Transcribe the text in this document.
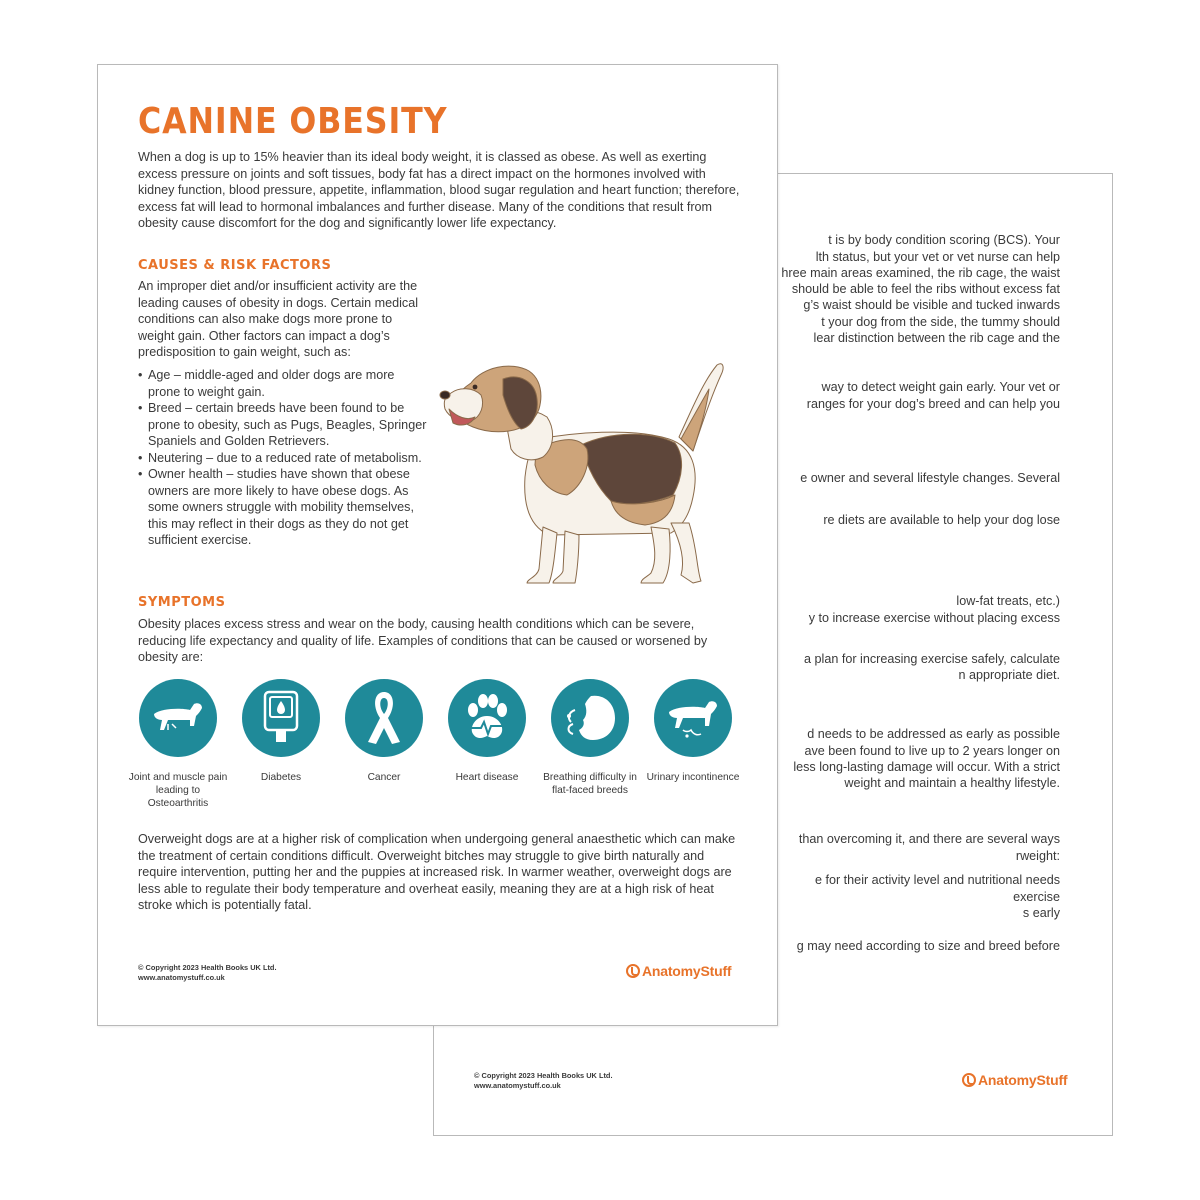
t is by body condition scoring (BCS). Your
lth status, but your vet or vet nurse can help
hree main areas examined, the rib cage, the waist
should be able to feel the ribs without excess fat
g’s waist should be visible and tucked inwards
t your dog from the side, the tummy should
lear distinction between the rib cage and the
way to detect weight gain early. Your vet or
ranges for your dog’s breed and can help you
e owner and several lifestyle changes. Several
re diets are available to help your dog lose
low-fat treats, etc.)
y to increase exercise without placing excess
a plan for increasing exercise safely, calculate
n appropriate diet.
d needs to be addressed as early as possible
ave been found to live up to 2 years longer on
less long-lasting damage will occur. With a strict
weight and maintain a healthy lifestyle.
than overcoming it, and there are several ways
rweight:
e for their activity level and nutritional needs
exercise
s early
g may need according to size and breed before
© Copyright 2023 Health Books UK Ltd.
www.anatomystuff.co.uk	AnatomyStuff
CANINE OBESITY

When a dog is up to 15% heavier than its ideal body weight, it is classed as obese. As well as exerting excess pressure on joints and soft tissues, body fat has a direct impact on the hormones involved with kidney function, blood pressure, appetite, inflammation, blood sugar regulation and heart function; therefore, excess fat will lead to hormonal imbalances and further disease. Many of the conditions that result from obesity cause discomfort for the dog and significantly lower life expectancy.

CAUSES & RISK FACTORS

An improper diet and/or insufficient activity are the leading causes of obesity in dogs. Certain medical conditions can also make dogs more prone to weight gain. Other factors can impact a dog’s predisposition to gain weight, such as:

• Age – middle-aged and older dogs are more prone to weight gain.
• Breed – certain breeds have been found to be prone to obesity, such as Pugs, Beagles, Springer Spaniels and Golden Retrievers.
• Neutering – due to a reduced rate of metabolism.
• Owner health – studies have shown that obese owners are more likely to have obese dogs. As some owners struggle with mobility themselves, this may reflect in their dogs as they do not get sufficient exercise.
SYMPTOMS

Obesity places excess stress and wear on the body, causing health conditions which can be severe, reducing life expectancy and quality of life. Examples of conditions that can be caused or worsened by obesity are:

Joint and muscle pain leading to Osteoarthritis
Diabetes	Cancer	Heart disease	Breathing difficulty in flat-faced breeds
Urinary incontinence

Overweight dogs are at a higher risk of complication when undergoing general anaesthetic which can make the treatment of certain conditions difficult. Overweight bitches may struggle to give birth naturally and require intervention, putting her and the puppies at increased risk. In warmer weather, overweight dogs are less able to regulate their body temperature and overheat easily, meaning they are at a high risk of heat stroke which is potentially fatal.

© Copyright 2023 Health Books UK Ltd.
www.anatomystuff.co.uk	AnatomyStuff
